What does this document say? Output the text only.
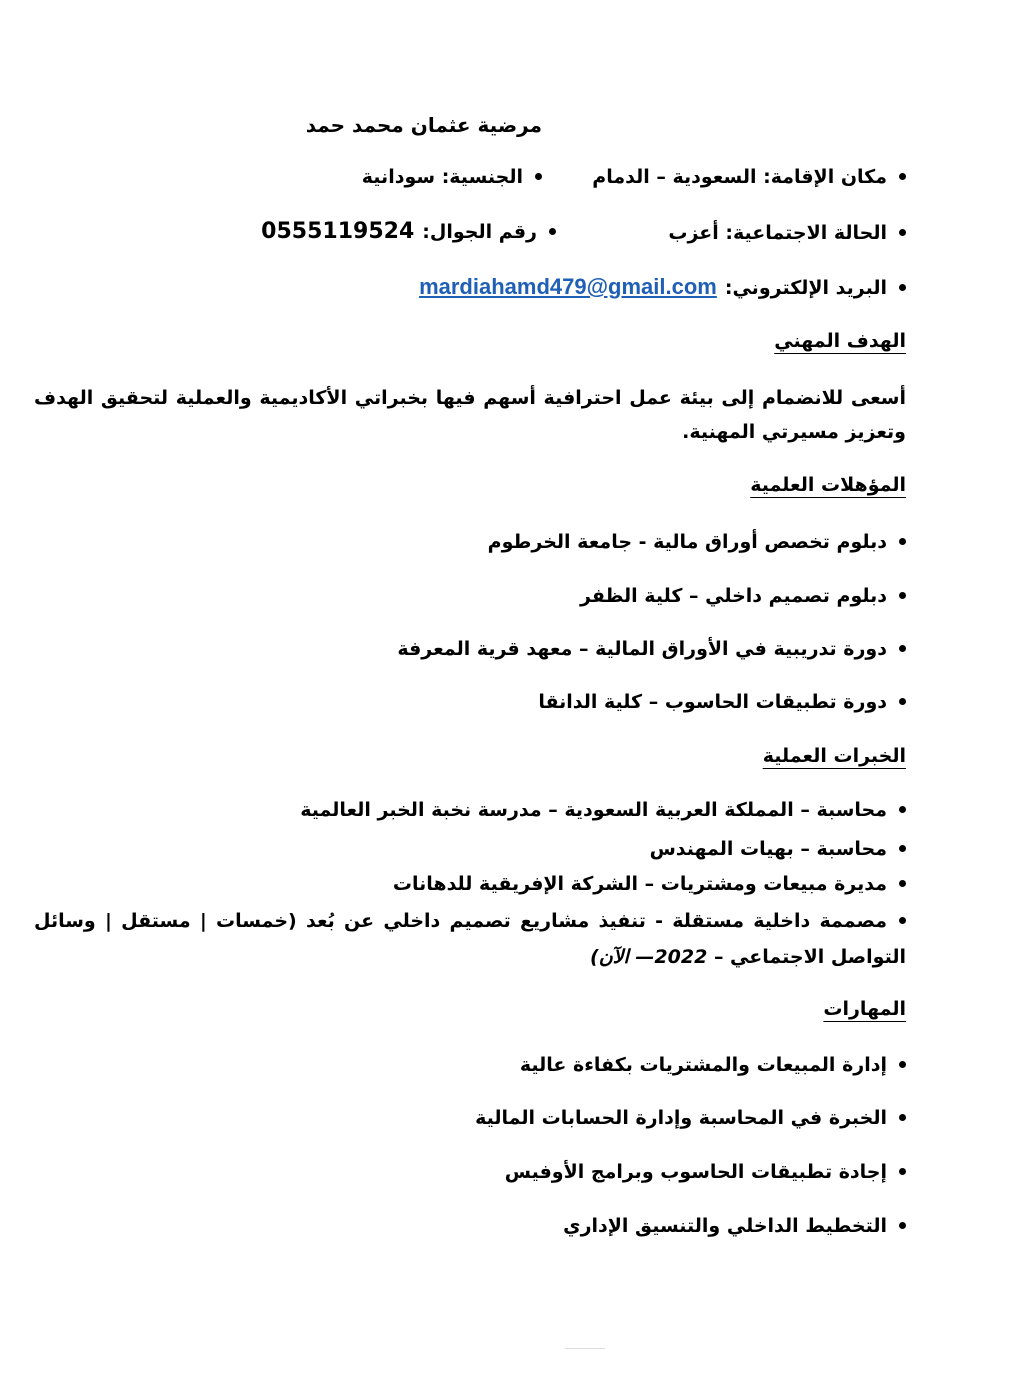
مرضية عثمان محمد حمد
مكان الإقامة: السعودية – الدمام
الجنسية: سودانية
الحالة الاجتماعية: أعزب
رقم الجوال:0555119524
البريد الإلكتروني:mardiahamd479@gmail.com
الهدف المهني
أسعى للانضمام إلى بيئة عمل احترافية أسهم فيها بخبراتي الأكاديمية والعملية لتحقيق الهدف وتعزيز مسيرتي المهنية.
المؤهلات العلمية
دبلوم تخصص أوراق مالية - جامعة الخرطوم
دبلوم تصميم داخلي – كلية الظفر
دورة تدريبية في الأوراق المالية – معهد قرية المعرفة
دورة تطبيقات الحاسوب – كلية الدانقا
الخبرات العملية
محاسبة – المملكة العربية السعودية – مدرسة نخبة الخبر العالمية
محاسبة – بهيات المهندس
مديرة مبيعات ومشتريات – الشركة الإفريقية للدهانات
مصممة داخلية مستقلة - تنفيذ مشاريع تصميم داخلي عن بُعد (خمسات | مستقل | وسائل التواصل الاجتماعي – 2022— الآن)
المهارات
إدارة المبيعات والمشتريات بكفاءة عالية
الخبرة في المحاسبة وإدارة الحسابات المالية
إجادة تطبيقات الحاسوب وبرامج الأوفيس
التخطيط الداخلي والتنسيق الإداري
